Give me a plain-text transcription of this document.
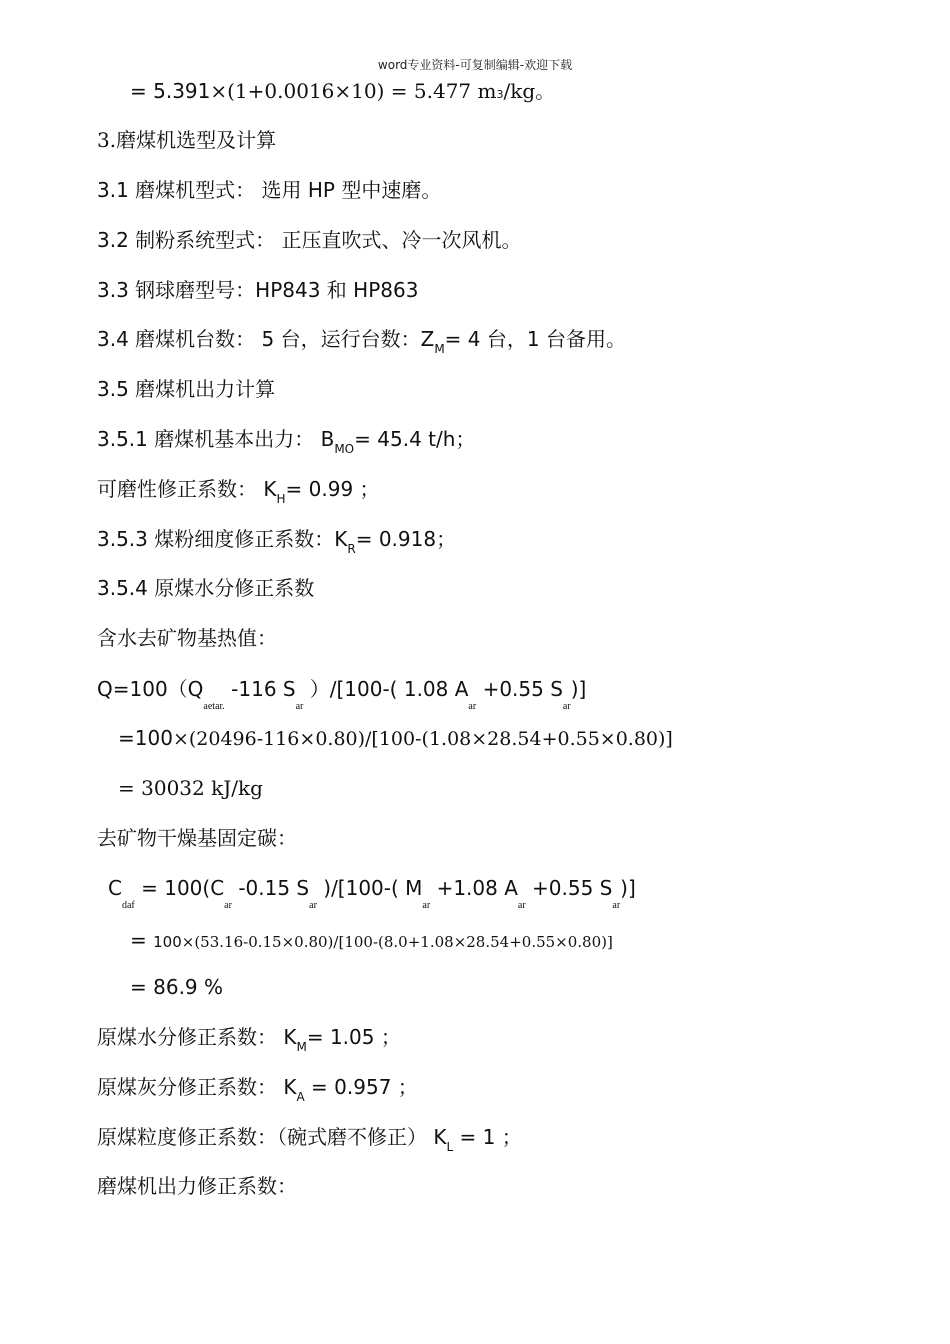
word专业资料-可复制编辑-欢迎下载
= 5.391×(1+0.0016×10) = 5.477 m3/kg。
3.磨煤机选型及计算
3.1 磨煤机型式： 选用 HP 型中速磨。
3.2 制粉系统型式： 正压直吹式、冷一次风机。
3.3 钢球磨型号：HP843 和 HP863
3.4 磨煤机台数： 5 台，运行台数：$Z_M= 4$ 台，1 台备用。
3.5 磨煤机出力计算
3.5.1 磨煤机基本出力： $B_{MO}= 45.4$ t/h；
可磨性修正系数： $K_H= 0.99$ ；
3.5.3 煤粉细度修正系数：$K_R= 0.918$；
3.5.4 原煤水分修正系数
含水去矿物基热值：
$Q=100(Q_{aetar.}$ -116 $S_{ar}$ ）/[100-( 1.08 $A_{ar} +0.55$ $S_{ar}$)]
=100×(20496-116×0.80)/[100-(1.08×28.54+0.55×0.80)]
= 30032 kJ/kg
去矿物干燥基固定碳：
$C_{daf} = 100(C_{ar}$ -0.15 $S_{ar}$ )/[100-( $M_{ar} +1.08$ $A_{ar} +0.55$ $S_{ar}$)]
= 100×(53.16-0.15×0.80)/[100-(8.0+1.08×28.54+0.55×0.80)]
= 86.9 %
原煤水分修正系数： $K_M= 1.05$ ；
原煤灰分修正系数： $K_A = 0.957$ ；
原煤粒度修正系数：（碗式磨不修正） $K_L = 1$ ；
磨煤机出力修正系数：
